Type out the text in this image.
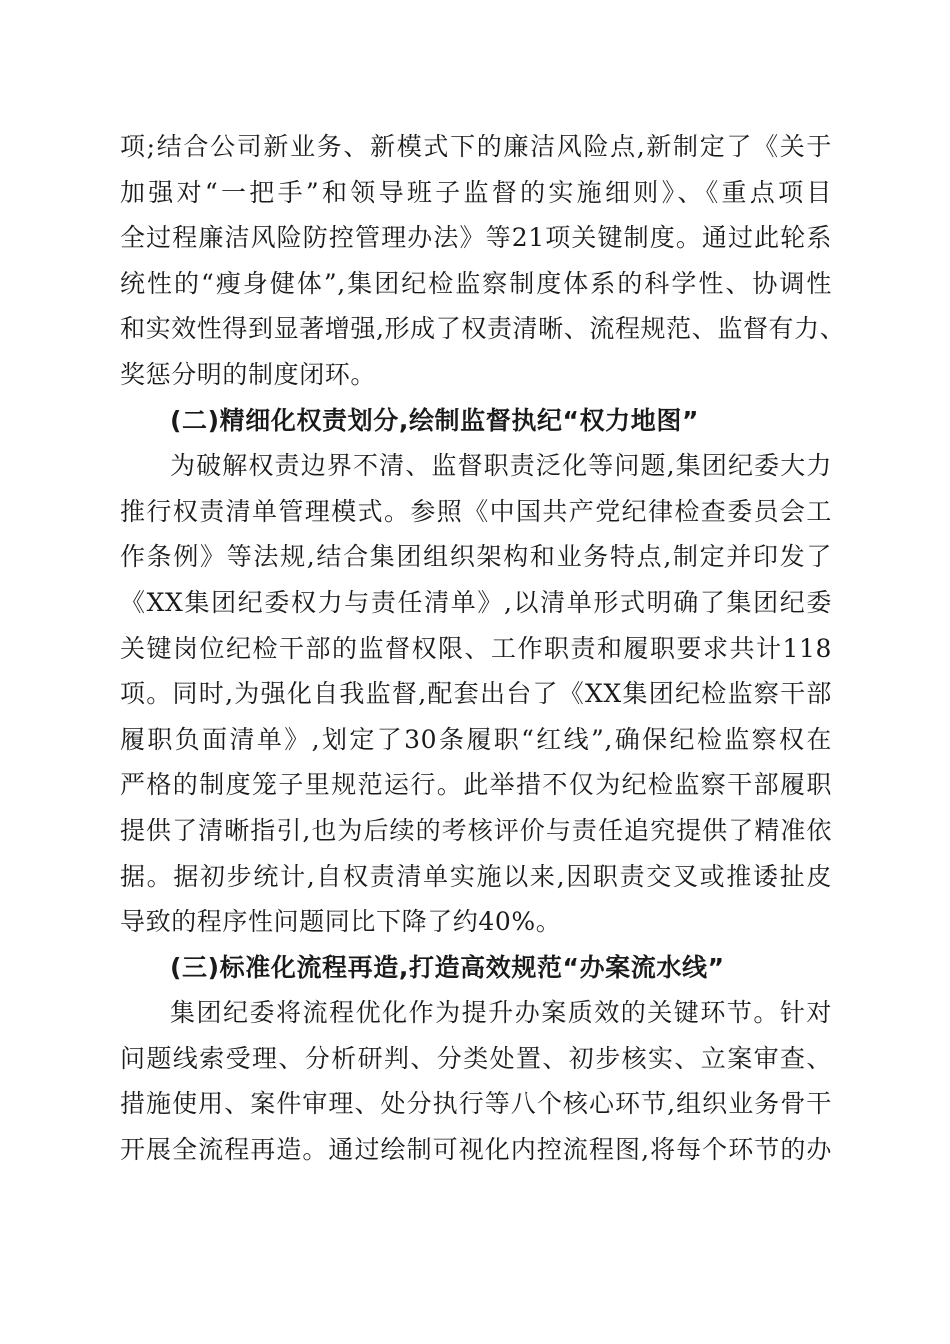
项;结合公司新业务、新模式下的廉洁风险点,新制定了《关于
加强对“一把手”和领导班子监督的实施细则》、《重点项目
全过程廉洁风险防控管理办法》等21项关键制度。通过此轮系
统性的“瘦身健体”,集团纪检监察制度体系的科学性、协调性
和实效性得到显著增强,形成了权责清晰、流程规范、监督有力、
奖惩分明的制度闭环。
(二)精细化权责划分,绘制监督执纪“权力地图”
为破解权责边界不清、监督职责泛化等问题,集团纪委大力
推行权责清单管理模式。参照《中国共产党纪律检查委员会工
作条例》等法规,结合集团组织架构和业务特点,制定并印发了
《XX集团纪委权力与责任清单》,以清单形式明确了集团纪委
关键岗位纪检干部的监督权限、工作职责和履职要求共计118
项。同时,为强化自我监督,配套出台了《XX集团纪检监察干部
履职负面清单》,划定了30条履职“红线”,确保纪检监察权在
严格的制度笼子里规范运行。此举措不仅为纪检监察干部履职
提供了清晰指引,也为后续的考核评价与责任追究提供了精准依
据。据初步统计,自权责清单实施以来,因职责交叉或推诿扯皮
导致的程序性问题同比下降了约40%。
(三)标准化流程再造,打造高效规范“办案流水线”
集团纪委将流程优化作为提升办案质效的关键环节。针对
问题线索受理、分析研判、分类处置、初步核实、立案审查、
措施使用、案件审理、处分执行等八个核心环节,组织业务骨干
开展全流程再造。通过绘制可视化内控流程图,将每个环节的办
